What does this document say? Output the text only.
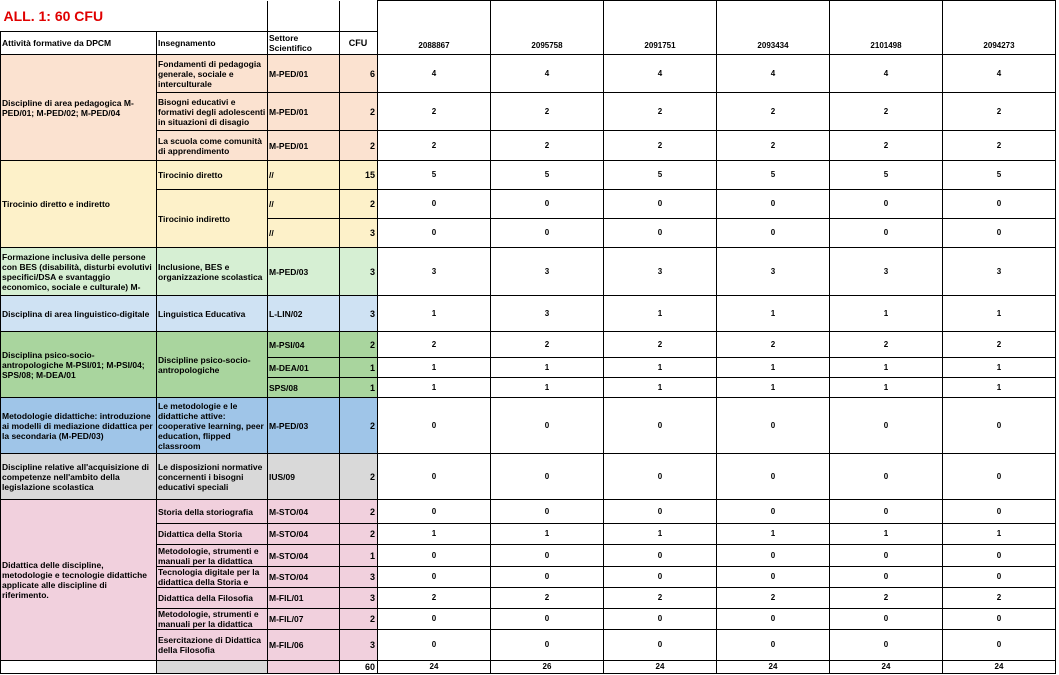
ALL. 1: 60 CFU				2088867	2095758	2091751	2093434	2101498	2094273
Attività formative da DPCM	Insegnamento	Settore Scientifico	CFU						
Discipline di area pedagogica M-PED/01; M-PED/02; M-PED/04	Fondamenti di pedagogia generale, sociale e interculturale	M-PED/01	6	4	4	4	4	4	4
	Bisogni educativi e formativi degli adolescenti in situazioni di disagio	M-PED/01	2	2	2	2	2	2	2
	La scuola come comunità di apprendimento	M-PED/01	2	2	2	2	2	2	2
Tirocinio diretto e indiretto	Tirocinio diretto	//	15	5	5	5	5	5	5
	Tirocinio indiretto	//	2	0	0	0	0	0	0
		//	3	0	0	0	0	0	0

Formazione inclusiva delle persone con BES (disabilità, disturbi evolutivi specifici/DSA e svantaggio economico, sociale e culturale) M-	Inclusione, BES e organizzazione scolastica	M-PED/03	3	3	3	3	3	3	3
Disciplina di area linguistico-digitale	Linguistica Educativa	L-LIN/02	3	1	3	1	1	1	1
Disciplina psico-socio-antropologiche M-PSI/01; M-PSI/04; SPS/08; M-DEA/01	Discipline psico-socio-antropologiche	M-PSI/04	2	2	2	2	2	2	2
		M-DEA/01	1	1	1	1	1	1	1
		SPS/08	1	1	1	1	1	1	1
Metodologie didattiche: introduzione ai modelli di mediazione didattica per la secondaria (M-PED/03)	Le metodologie e le didattiche attive: cooperative learning, peer education, flipped classroom	M-PED/03	2	0	0	0	0	0	0
Discipline relative all'acquisizione di competenze nell'ambito della legislazione scolastica	Le disposizioni normative concernenti i bisogni educativi speciali	IUS/09	2	0	0	0	0	0	0
Didattica delle discipline, metodologie e tecnologie didattiche applicate alle discipline di riferimento.	Storia della storiografia	M-STO/04	2	0	0	0	0	0	0
	Didattica della Storia	M-STO/04	2	1	1	1	1	1	1

	Metodologie, strumenti e manuali per la didattica	M-STO/04	1	0	0	0	0	0	0

	Tecnologia digitale per la didattica della Storia e	M-STO/04	3	0	0	0	0	0	0
	Didattica della Filosofia	M-FIL/01	3	2	2	2	2	2	2

	Metodologie, strumenti e manuali per la didattica	M-FIL/07	2	0	0	0	0	0	0
	Esercitazione di Didattica della Filosofia	M-FIL/06	3	0	0	0	0	0	0
			60	24	26	24	24	24	24
